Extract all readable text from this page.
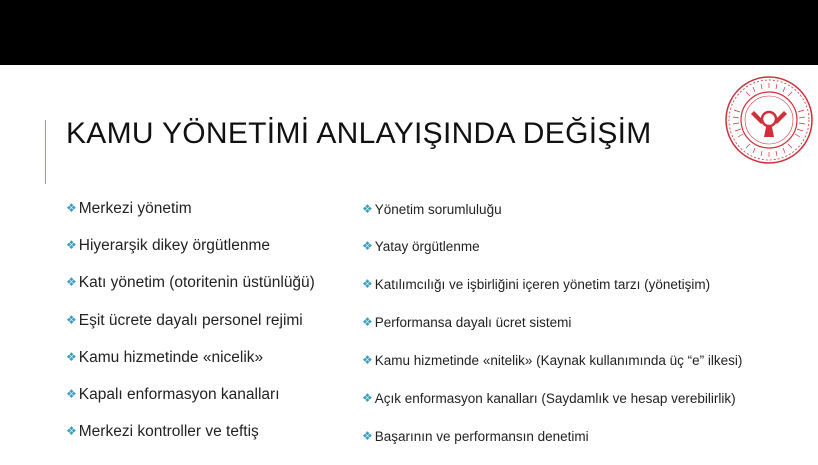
KAMU YÖNETİMİ ANLAYIŞINDA DEĞİŞİM
❖ Merkezi yönetim
❖ Hiyerarşik dikey örgütlenme
❖ Katı yönetim (otoritenin üstünlüğü)
❖ Eşit ücrete dayalı personel rejimi
❖ Kamu hizmetinde «nicelik»
❖ Kapalı enformasyon kanalları
❖ Merkezi kontroller ve teftiş
❖ Yönetim sorumluluğu
❖ Yatay örgütlenme
❖ Katılımcılığı ve işbirliğini içeren yönetim tarzı (yönetişim)
❖ Performansa dayalı ücret sistemi
❖ Kamu hizmetinde «nitelik» (Kaynak kullanımında üç “e” ilkesi)
❖ Açık enformasyon kanalları (Saydamlık ve hesap verebilirlik)
❖ Başarının ve performansın denetimi
